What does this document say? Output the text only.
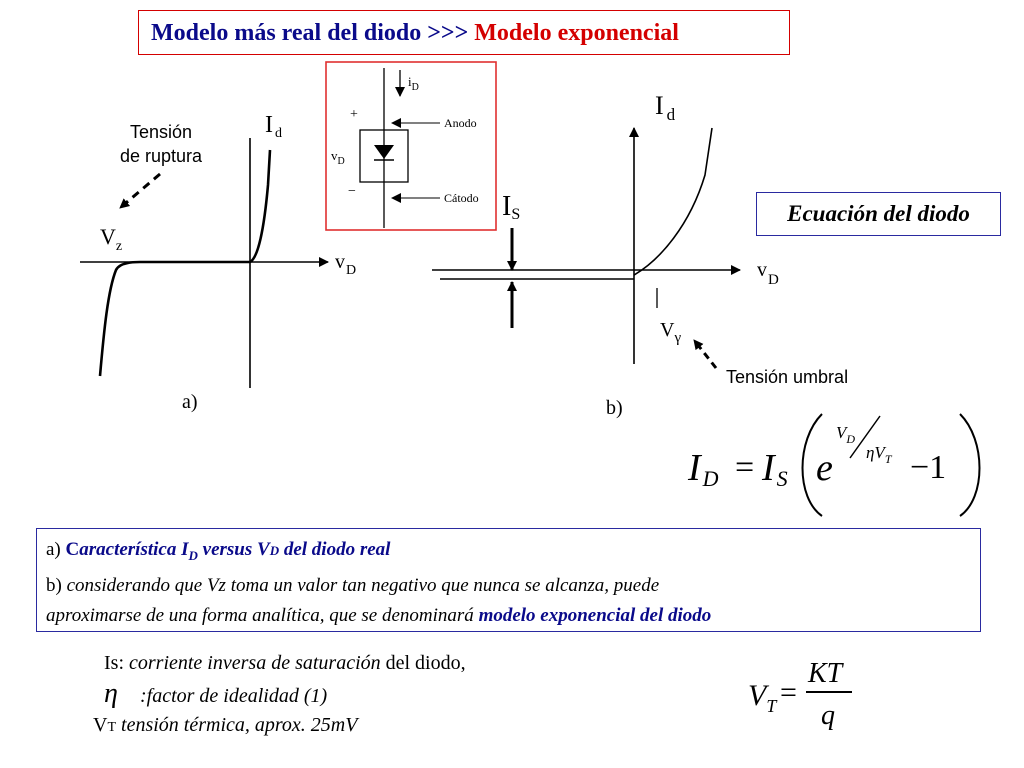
Modelo más real del diodo >>> Modelo exponencial
I $_d$
$v_D$
$V_z$
Tensión
de ruptura
a)
$i_D$
+
−
$v_D$
Anodo
Cátodo
I $_d$
$v_D$
IS
$V_\gamma$
Tensión umbral
b)
ID = IS e
$V_D$
$\eta V_T -1$
$V_T$ =
KT
q
Ecuación del diodo
a) Característica $I_D$ versus VD del diodo real
b) considerando que Vz toma un valor tan negativo que nunca se alcanza, puede
aproximarse de una forma analítica, que se denominará modelo exponencial del diodo
Is: corriente inversa de saturación del diodo,
η :factor de idealidad (1)
VT tensión térmica, aprox. 25mV
